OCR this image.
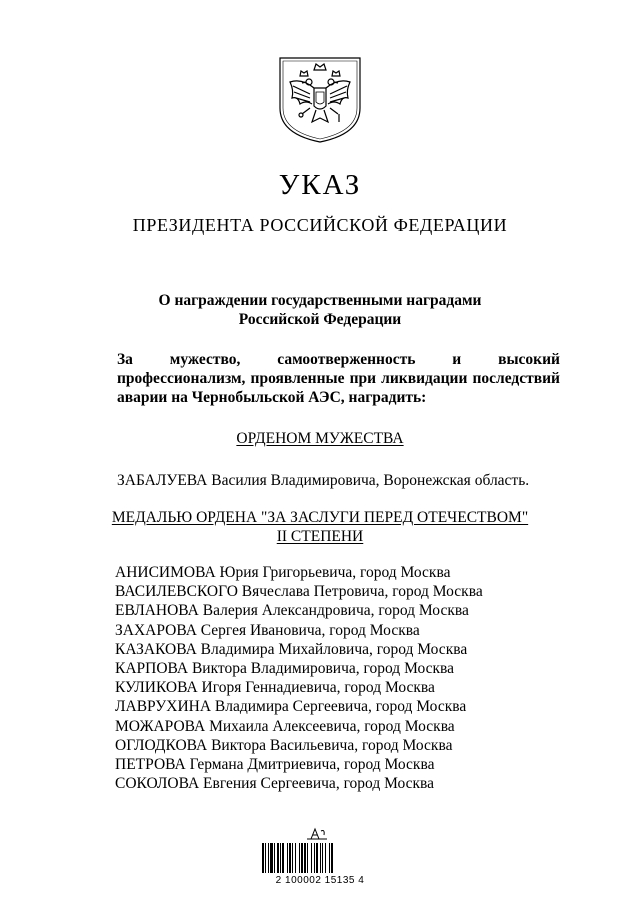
УКАЗ
ПРЕЗИДЕНТА РОССИЙСКОЙ ФЕДЕРАЦИИ
О награждении государственными наградами
Российской Федерации
За мужество, самоотверженность и высокий
профессионализм, проявленные при ликвидации последствий
аварии на Чернобыльской АЭС, наградить:
ОРДЕНОМ МУЖЕСТВА
ЗАБАЛУЕВА Василия Владимировича, Воронежская область.
МЕДАЛЬЮ ОРДЕНА "ЗА ЗАСЛУГИ ПЕРЕД ОТЕЧЕСТВОМ"
II СТЕПЕНИ
АНИСИМОВА Юрия Григорьевича, город Москва
ВАСИЛЕВСКОГО Вячеслава Петровича, город Москва
ЕВЛАНОВА Валерия Александровича, город Москва
ЗАХАРОВА Сергея Ивановича, город Москва
КАЗАКОВА Владимира Михайловича, город Москва
КАРПОВА Виктора Владимировича, город Москва
КУЛИКОВА Игоря Геннадиевича, город Москва
ЛАВРУХИНА Владимира Сергеевича, город Москва
МОЖАРОВА Михаила Алексеевича, город Москва
ОГЛОДКОВА Виктора Васильевича, город Москва
ПЕТРОВА Германа Дмитриевича, город Москва
СОКОЛОВА Евгения Сергеевича, город Москва
2 100002 15135 4
